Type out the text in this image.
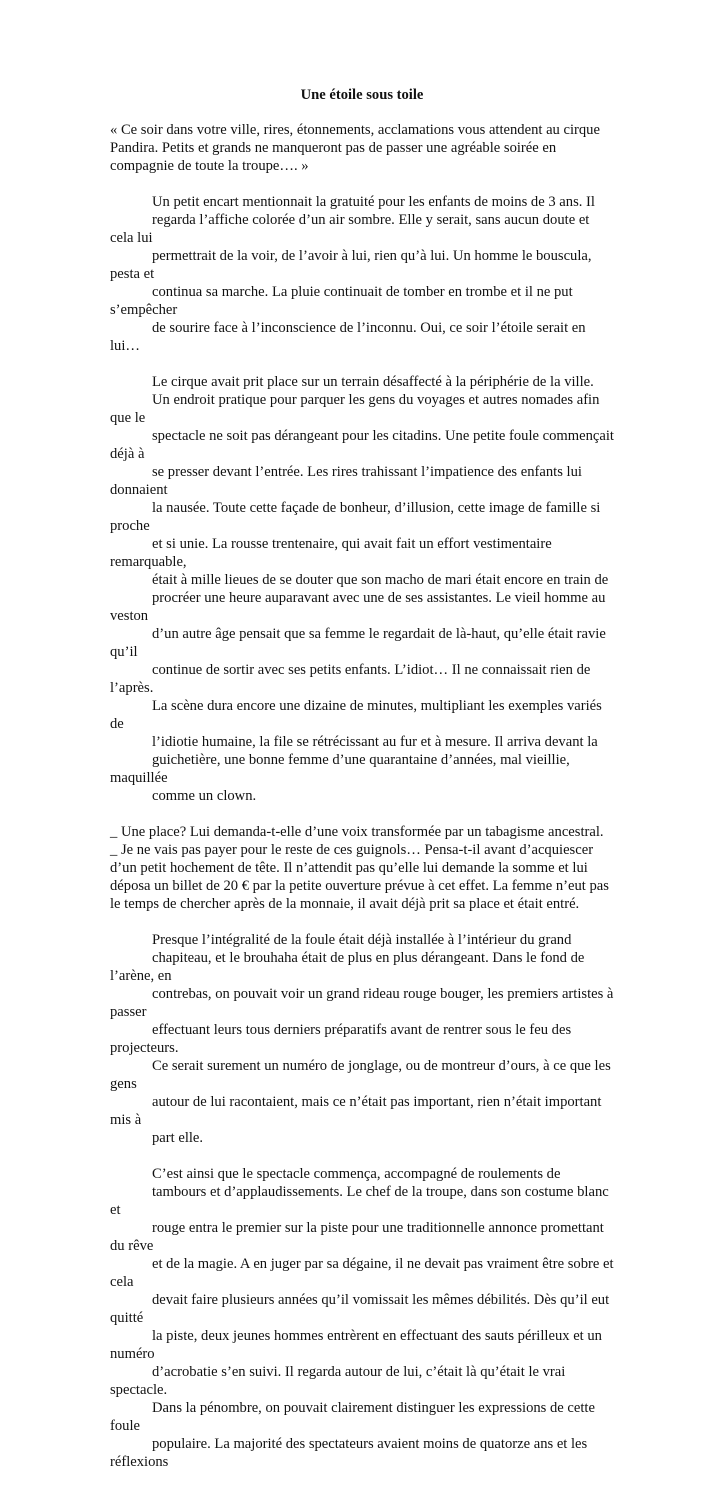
Une étoile sous toile
« Ce soir dans votre ville, rires, étonnements, acclamations vous attendent au cirque
Pandira. Petits et grands ne manqueront pas de passer une agréable soirée en
compagnie de toute la troupe…. »
Un petit encart mentionnait la gratuité pour les enfants de moins de 3 ans. Il
regarda l’affiche colorée d’un air sombre. Elle y serait, sans aucun doute et cela lui
permettrait de la voir, de l’avoir à lui, rien qu’à lui. Un homme le bouscula, pesta et
continua sa marche. La pluie continuait de tomber en trombe et il ne put s’empêcher
de sourire face à l’inconscience de l’inconnu. Oui, ce soir l’étoile serait en lui…
Le cirque avait prit place sur un terrain désaffecté à la périphérie de la ville.
Un endroit pratique pour parquer les gens du voyages et autres nomades afin que le
spectacle ne soit pas dérangeant pour les citadins. Une petite foule commençait déjà à
se presser devant l’entrée. Les rires trahissant l’impatience des enfants lui donnaient
la nausée. Toute cette façade de bonheur, d’illusion, cette image de famille si proche
et si unie. La rousse trentenaire, qui avait fait un effort vestimentaire remarquable,
était à mille lieues de se douter que son macho de mari était encore en train de
procréer une heure auparavant avec une de ses assistantes. Le vieil homme au veston
d’un autre âge pensait que sa femme le regardait de là-haut, qu’elle était ravie qu’il
continue de sortir avec ses petits enfants. L’idiot… Il ne connaissait rien de l’après.
La scène dura encore une dizaine de minutes, multipliant les exemples variés de
l’idiotie humaine, la file se rétrécissant au fur et à mesure. Il arriva devant la
guichetière, une bonne femme d’une quarantaine d’années, mal vieillie, maquillée
comme un clown.
_ Une place? Lui demanda-t-elle d’une voix transformée par un tabagisme ancestral.
_ Je ne vais pas payer pour le reste de ces guignols… Pensa-t-il avant d’acquiescer
d’un petit hochement de tête. Il n’attendit pas qu’elle lui demande la somme et lui
déposa un billet de 20 € par la petite ouverture prévue à cet effet. La femme n’eut pas
le temps de chercher après de la monnaie, il avait déjà prit sa place et était entré.
Presque l’intégralité de la foule était déjà installée à l’intérieur du grand
chapiteau, et le brouhaha était de plus en plus dérangeant. Dans le fond de l’arène, en
contrebas, on pouvait voir un grand rideau rouge bouger, les premiers artistes à passer
effectuant leurs tous derniers préparatifs avant de rentrer sous le feu des projecteurs.
Ce serait surement un numéro de jonglage, ou de montreur d’ours, à ce que les gens
autour de lui racontaient, mais ce n’était pas important, rien n’était important mis à
part elle.
C’est ainsi que le spectacle commença, accompagné de roulements de
tambours et d’applaudissements. Le chef de la troupe, dans son costume blanc et
rouge entra le premier sur la piste pour une traditionnelle annonce promettant du rêve
et de la magie. A en juger par sa dégaine, il ne devait pas vraiment être sobre et cela
devait faire plusieurs années qu’il vomissait les mêmes débilités. Dès qu’il eut quitté
la piste, deux jeunes hommes entrèrent en effectuant des sauts périlleux et un numéro
d’acrobatie s’en suivi. Il regarda autour de lui, c’était là qu’était le vrai spectacle.
Dans la pénombre, on pouvait clairement distinguer les expressions de cette foule
populaire. La majorité des spectateurs avaient moins de quatorze ans et les réflexions
